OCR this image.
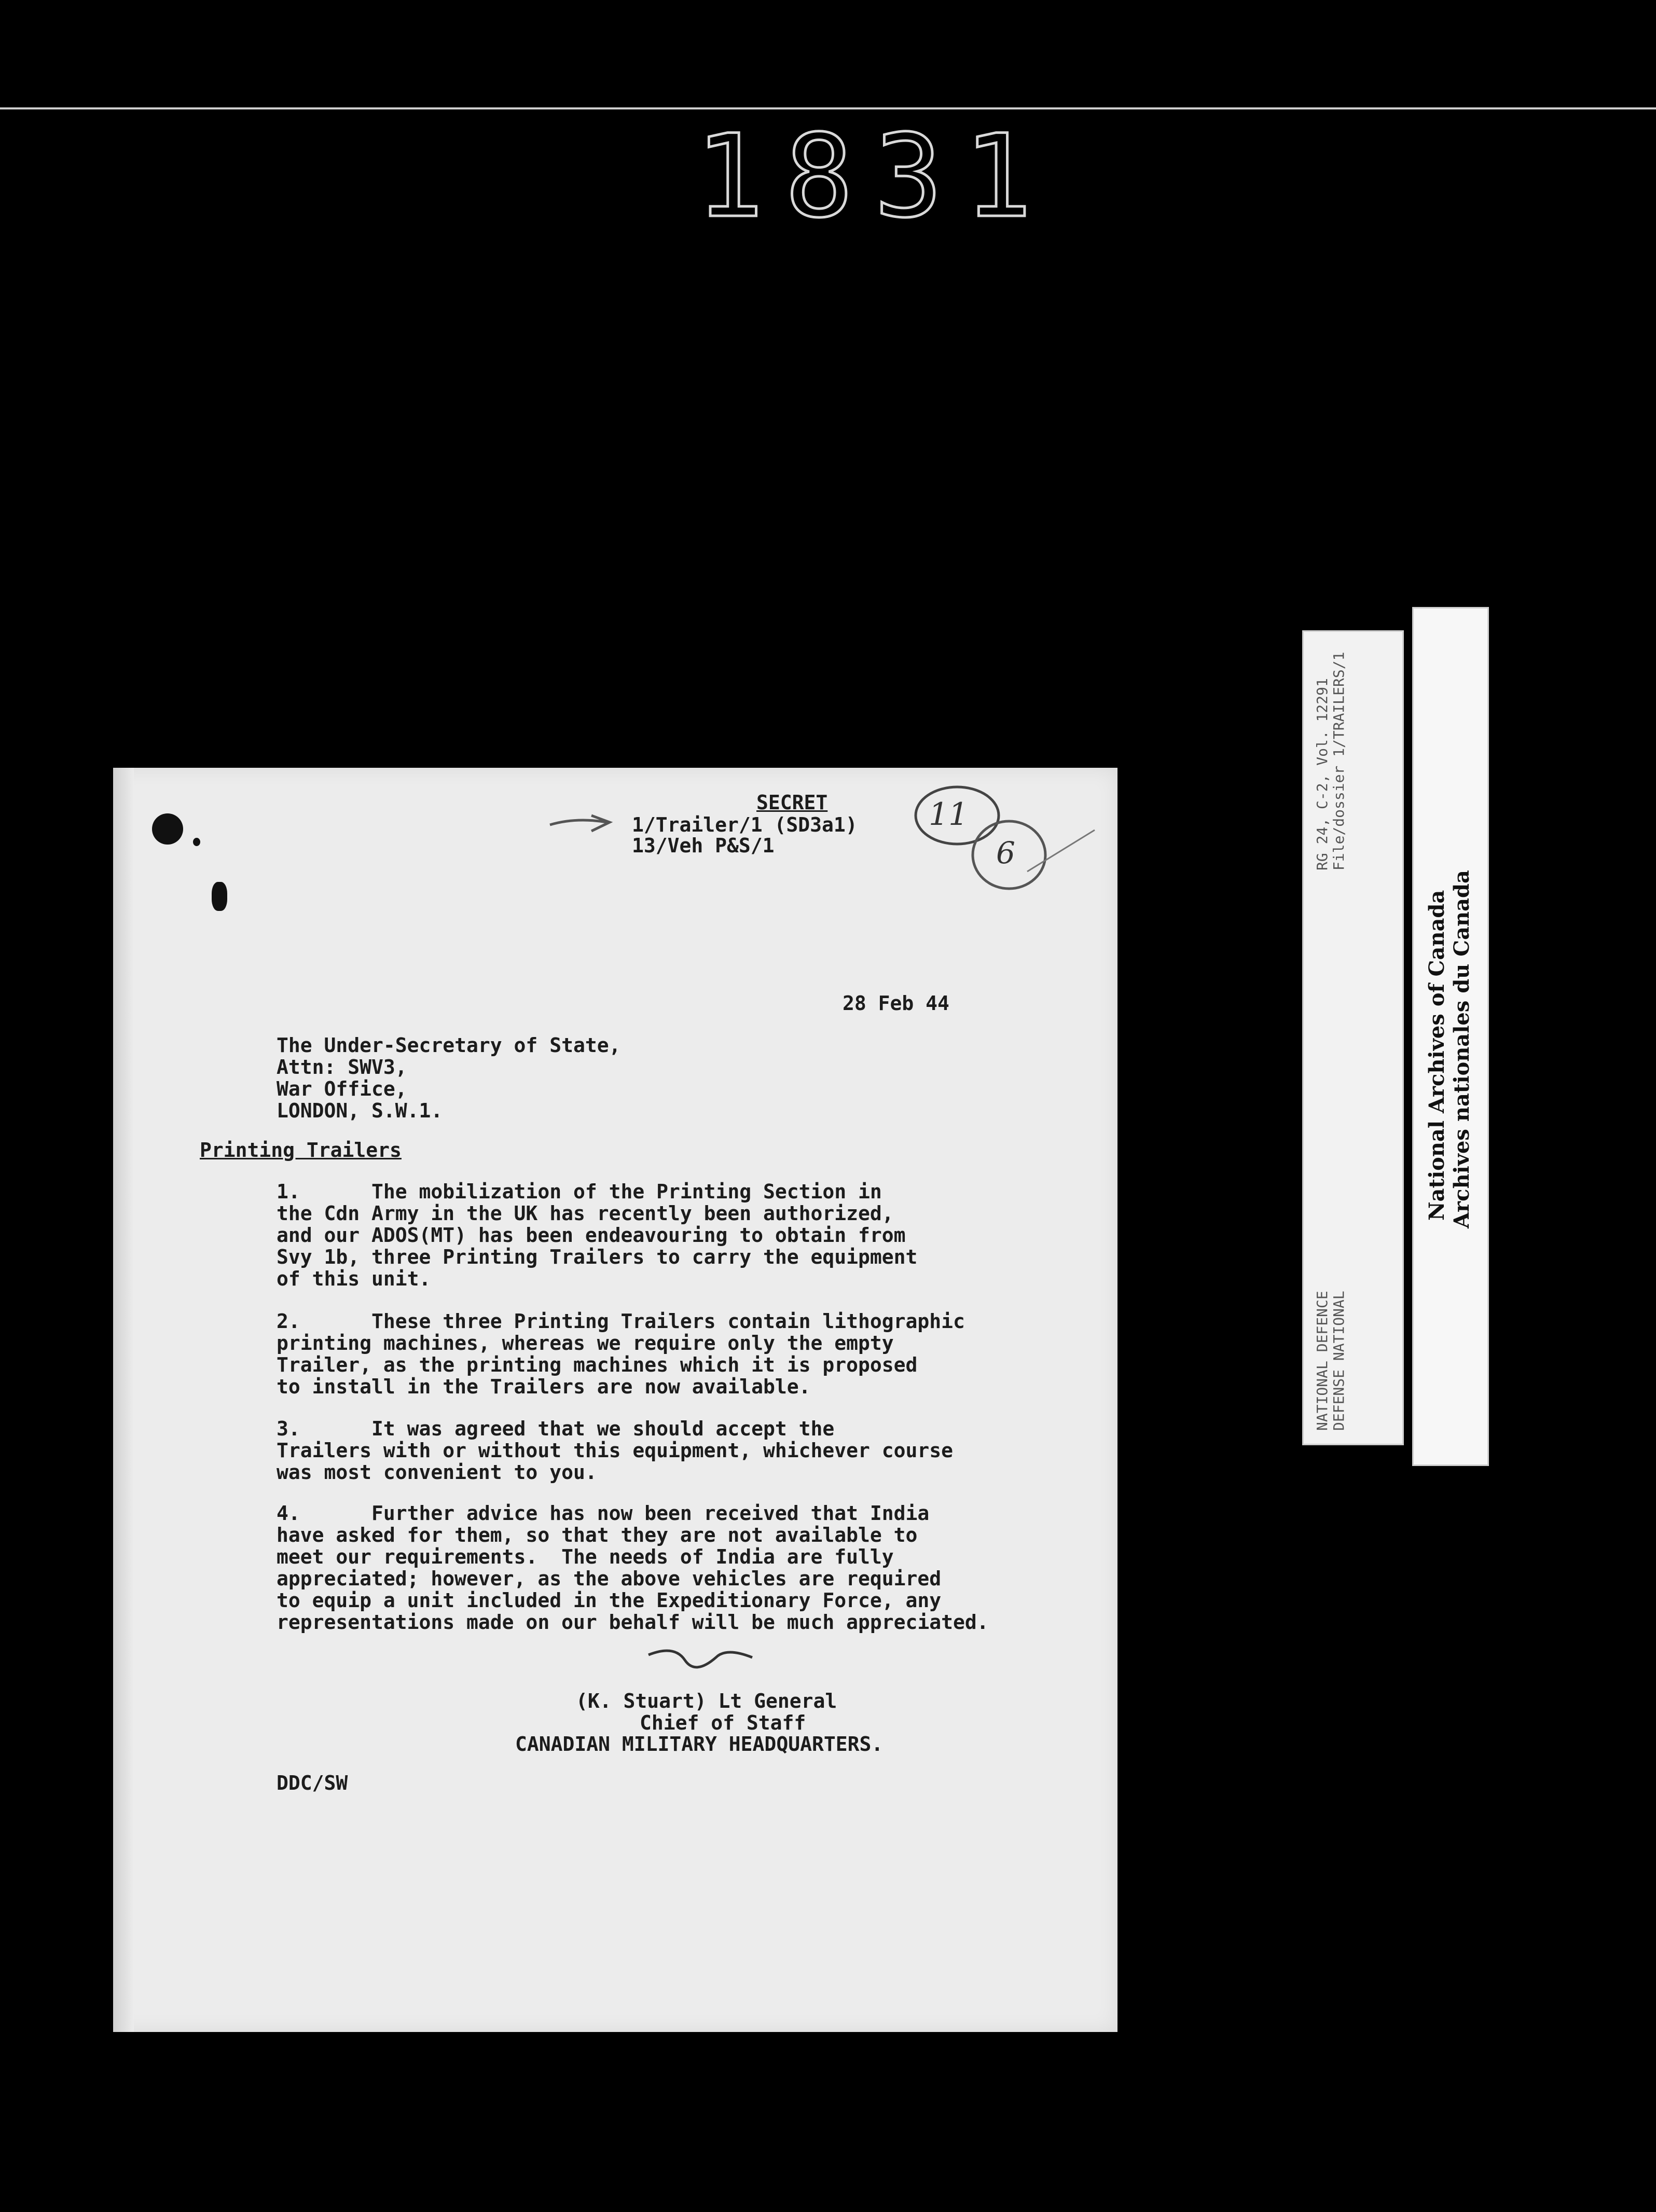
1831
RG 24, C-2, Vol. 12291 File/dossier 1/TRAILERS/1
NATIONAL DEFENCE DEFENSE NATIONAL
National Archives of Canada Archives nationales du Canada
11
6
SECRET
1/Trailer/1 (SD3a1)
13/Veh P&S/1
28 Feb 44
The Under-Secretary of State,
Attn: SWV3,
War Office,
LONDON, S.W.1.
Printing Trailers
1.      The mobilization of the Printing Section in
the Cdn Army in the UK has recently been authorized,
and our ADOS(MT) has been endeavouring to obtain from
Svy 1b, three Printing Trailers to carry the equipment
of this unit.
2.      These three Printing Trailers contain lithographic
printing machines, whereas we require only the empty
Trailer, as the printing machines which it is proposed
to install in the Trailers are now available.
3.      It was agreed that we should accept the
Trailers with or without this equipment, whichever course
was most convenient to you.
4.      Further advice has now been received that India
have asked for them, so that they are not available to
meet our requirements.  The needs of India are fully
appreciated; however, as the above vehicles are required
to equip a unit included in the Expeditionary Force, any
representations made on our behalf will be much appreciated.
(K. Stuart) Lt General
Chief of Staff
CANADIAN MILITARY HEADQUARTERS.
DDC/SW
